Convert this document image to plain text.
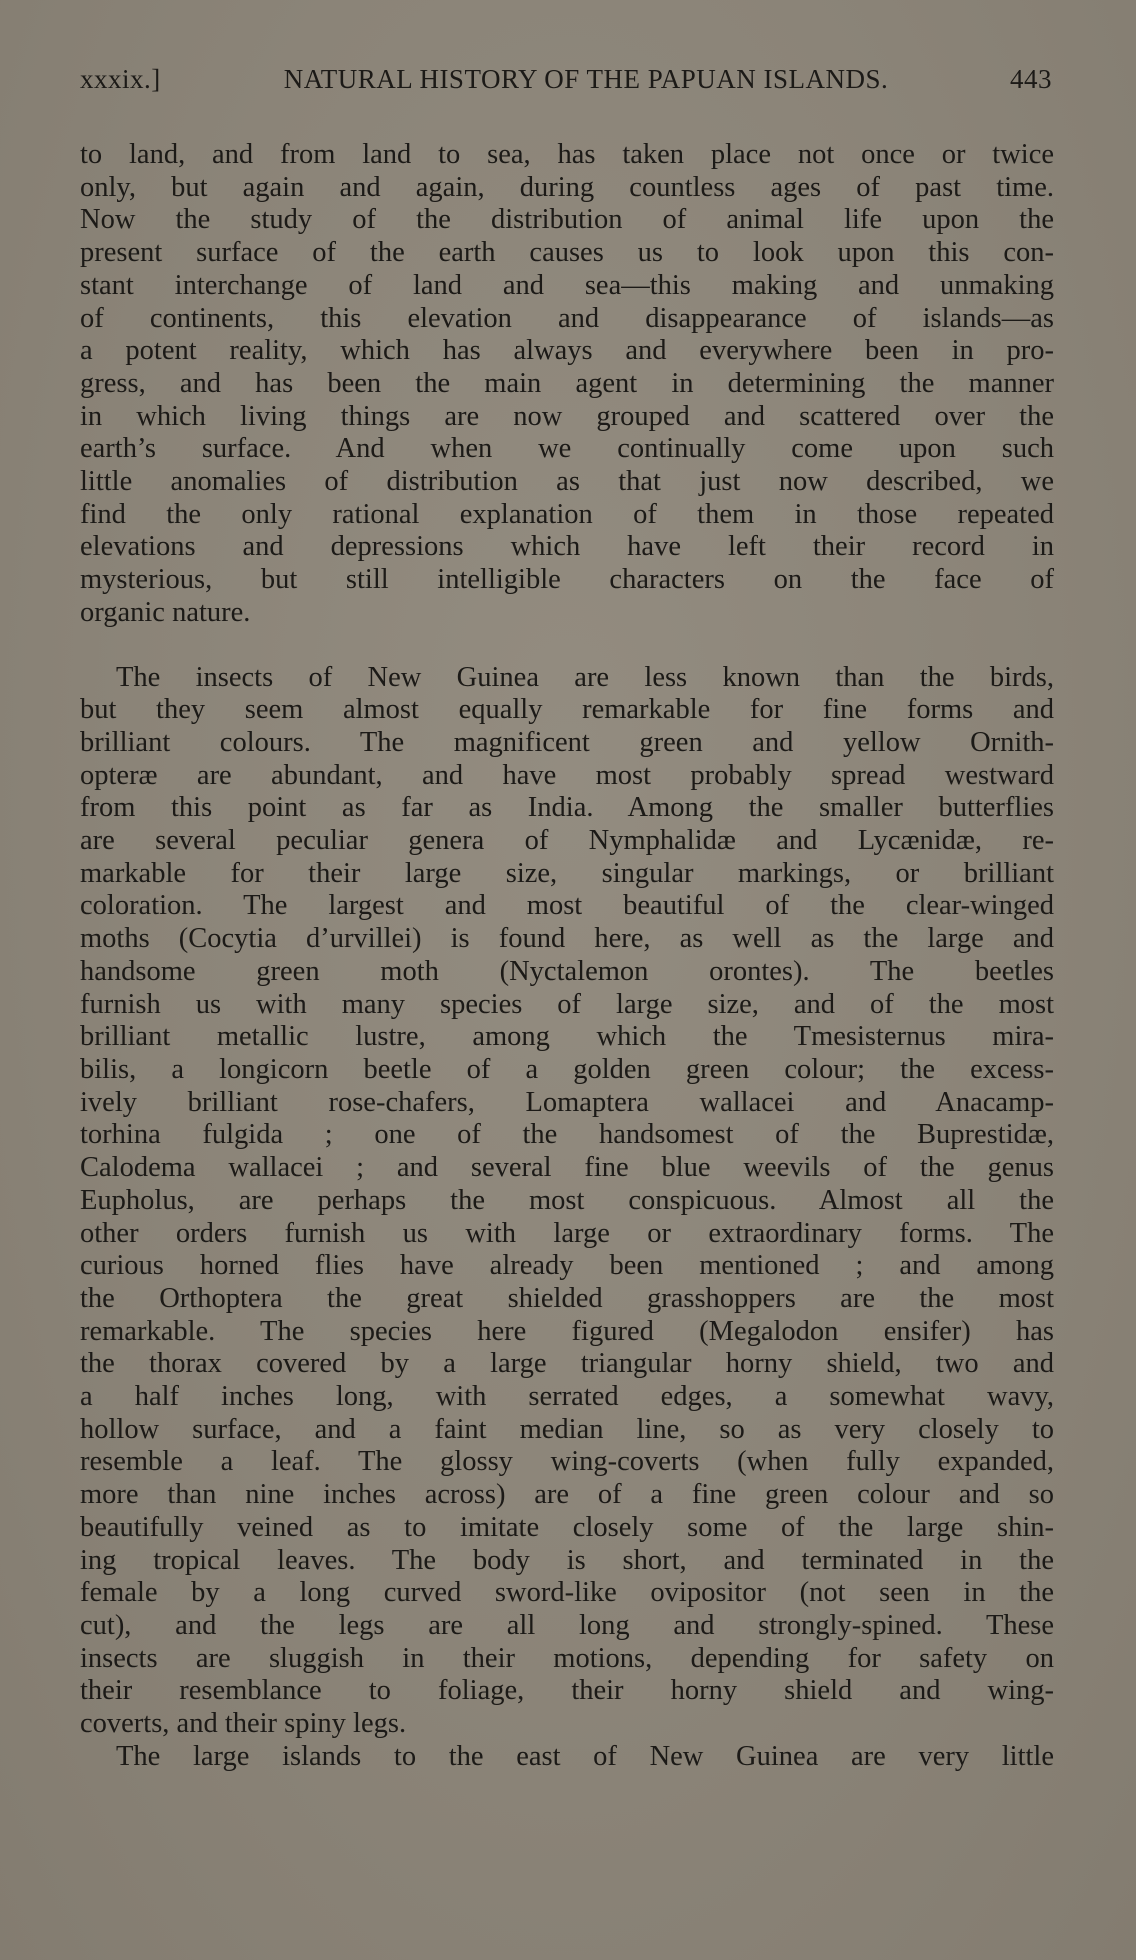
xxxix.]	NATURAL HISTORY OF THE PAPUAN ISLANDS.	443

to land, and from land to sea, has taken place not once or twice
only, but again and again, during countless ages of past time.
Now the study of the distribution of animal life upon the
present surface of the earth causes us to look upon this con-
stant interchange of land and sea—this making and unmaking
of continents, this elevation and disappearance of islands—as
a potent reality, which has always and everywhere been in pro-
gress, and has been the main agent in determining the manner
in which living things are now grouped and scattered over the
earth’s surface. And when we continually come upon such
little anomalies of distribution as that just now described, we
find the only rational explanation of them in those repeated
elevations and depressions which have left their record in
mysterious, but still intelligible characters on the face of
organic nature.

The insects of New Guinea are less known than the birds,
but they seem almost equally remarkable for fine forms and
brilliant colours. The magnificent green and yellow Ornith-
opteræ are abundant, and have most probably spread westward
from this point as far as India. Among the smaller butterflies
are several peculiar genera of Nymphalidæ and Lycænidæ, re-
markable for their large size, singular markings, or brilliant
coloration. The largest and most beautiful of the clear-winged
moths (Cocytia d’urvillei) is found here, as well as the large and
handsome green moth (Nyctalemon orontes). The beetles
furnish us with many species of large size, and of the most
brilliant metallic lustre, among which the Tmesisternus mira-
bilis, a longicorn beetle of a golden green colour; the excess-
ively brilliant rose-chafers, Lomaptera wallacei and Anacamp-
torhina fulgida ; one of the handsomest of the Buprestidæ,
Calodema wallacei ; and several fine blue weevils of the genus
Eupholus, are perhaps the most conspicuous. Almost all the
other orders furnish us with large or extraordinary forms. The
curious horned flies have already been mentioned ; and among
the Orthoptera the great shielded grasshoppers are the most
remarkable. The species here figured (Megalodon ensifer) has
the thorax covered by a large triangular horny shield, two and
a half inches long, with serrated edges, a somewhat wavy,
hollow surface, and a faint median line, so as very closely to
resemble a leaf. The glossy wing-coverts (when fully expanded,
more than nine inches across) are of a fine green colour and so
beautifully veined as to imitate closely some of the large shin-
ing tropical leaves. The body is short, and terminated in the
female by a long curved sword-like ovipositor (not seen in the
cut), and the legs are all long and strongly-spined. These
insects are sluggish in their motions, depending for safety on
their resemblance to foliage, their horny shield and wing-
coverts, and their spiny legs.

The large islands to the east of New Guinea are very little
